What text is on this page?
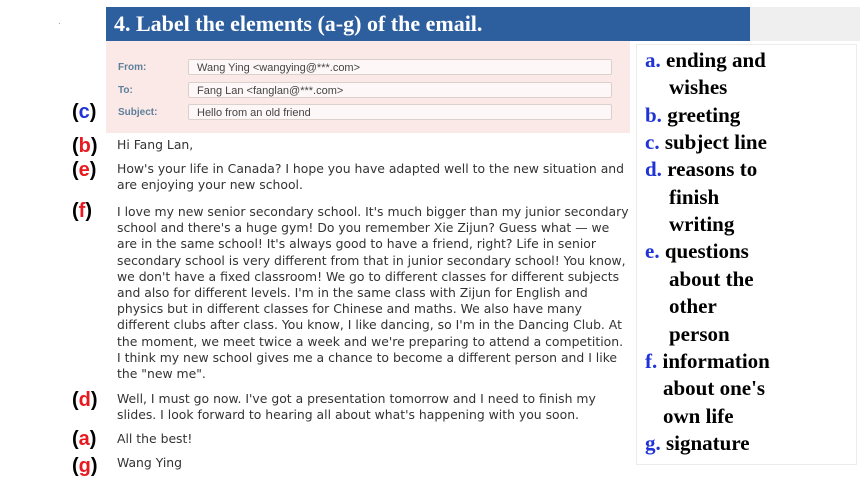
.	4. Label the elements (a-g) of the email.
From:	Wang Ying <wangying@***.com>
To:	Fang Lan <fanglan@***.com>
Subject:	Hello from an old friend
Hi Fang Lan,
How's your life in Canada? I hope you have adapted well to the new situation and are enjoying your new school.
I love my new senior secondary school. It's much bigger than my junior secondary school and there's a huge gym! Do you remember Xie Zijun? Guess what — we are in the same school! It's always good to have a friend, right? Life in senior secondary school is very different from that in junior secondary school! You know, we don't have a fixed classroom! We go to different classes for different subjects and also for different levels. I'm in the same class with Zijun for English and physics but in different classes for Chinese and maths. We also have many different clubs after class. You know, I like dancing, so I'm in the Dancing Club. At the moment, we meet twice a week and we're preparing to attend a competition. I think my new school gives me a chance to become a different person and I like the "new me".
Well, I must go now. I've got a presentation tomorrow and I need to finish my slides. I look forward to hearing all about what's happening with you soon.
All the best!
Wang Ying
(c)
(b)
(e)
(f)
(d)
(a)
(g)
a. ending and
wishes
b. greeting
c. subject line
d. reasons to
finish
writing
e. questions
about the
other
person
f. information
about one's
own life
g. signature
